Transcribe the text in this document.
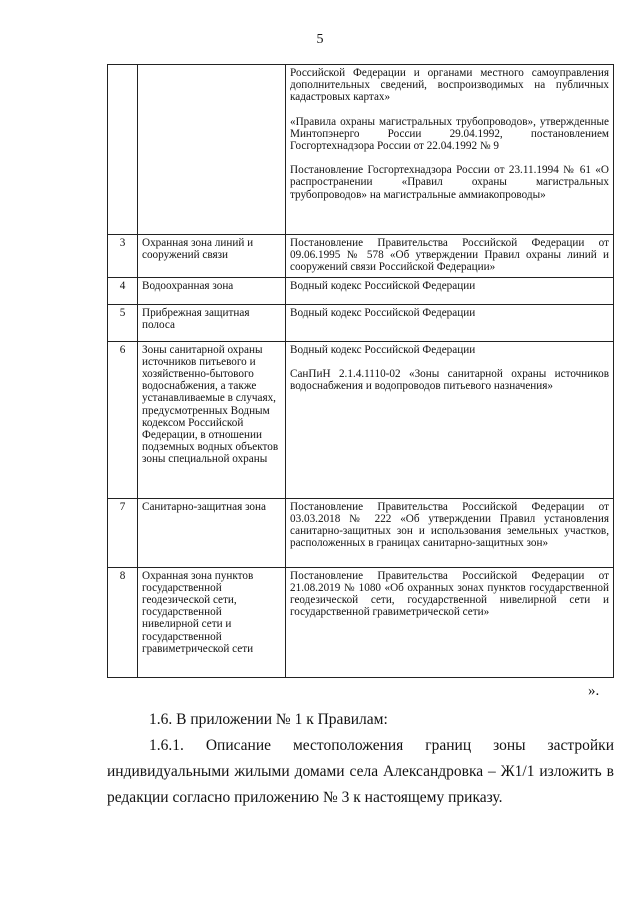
5

		Российской Федерации и органами местного самоуправления дополнительных сведений, воспроизводимых на публичных кадастровых картах»
«Правила охраны магистральных трубопроводов», утвержденные Минтопэнерго России 29.04.1992, постановлением Госгортехнадзора России от 22.04.1992 № 9
Постановление Госгортехнадзора России от 23.11.1994 № 61 «О распространении «Правил охраны магистральных трубопроводов» на магистральные аммиакопроводы»

3	Охранная зона линий и сооружений связи	Постановление Правительства Российской Федерации от 09.06.1995 № 578 «Об утверждении Правил охраны линий и сооружений связи Российской Федерации»

4	Водоохранная зона	Водный кодекс Российской Федерации

5	Прибрежная защитная полоса	Водный кодекс Российской Федерации

6	Зоны санитарной охраны источников питьевого и хозяйственно-бытового водоснабжения, а также устанавливаемые в случаях, предусмотренных Водным кодексом Российской Федерации, в отношении подземных водных объектов зоны специальной охраны	Водный кодекс Российской Федерации
СанПиН 2.1.4.1110-02 «Зоны санитарной охраны источников водоснабжения и водопроводов питьевого назначения»

7	Санитарно-защитная зона	Постановление Правительства Российской Федерации от 03.03.2018 № 222 «Об утверждении Правил установления санитарно-защитных зон и использования земельных участков, расположенных в границах санитарно-защитных зон»

8	Охранная зона пунктов государственной геодезической сети, государственной нивелирной сети и государственной гравиметрической сети	Постановление Правительства Российской Федерации от 21.08.2019 № 1080 «Об охранных зонах пунктов государственной геодезической сети, государственной нивелирной сети и государственной гравиметрической сети»
».
1.6. В приложении № 1 к Правилам:
1.6.1. Описание местоположения границ зоны застройки индивидуальными жилыми домами села Александровка – Ж1/1 изложить в редакции согласно приложению № 3 к настоящему приказу.
